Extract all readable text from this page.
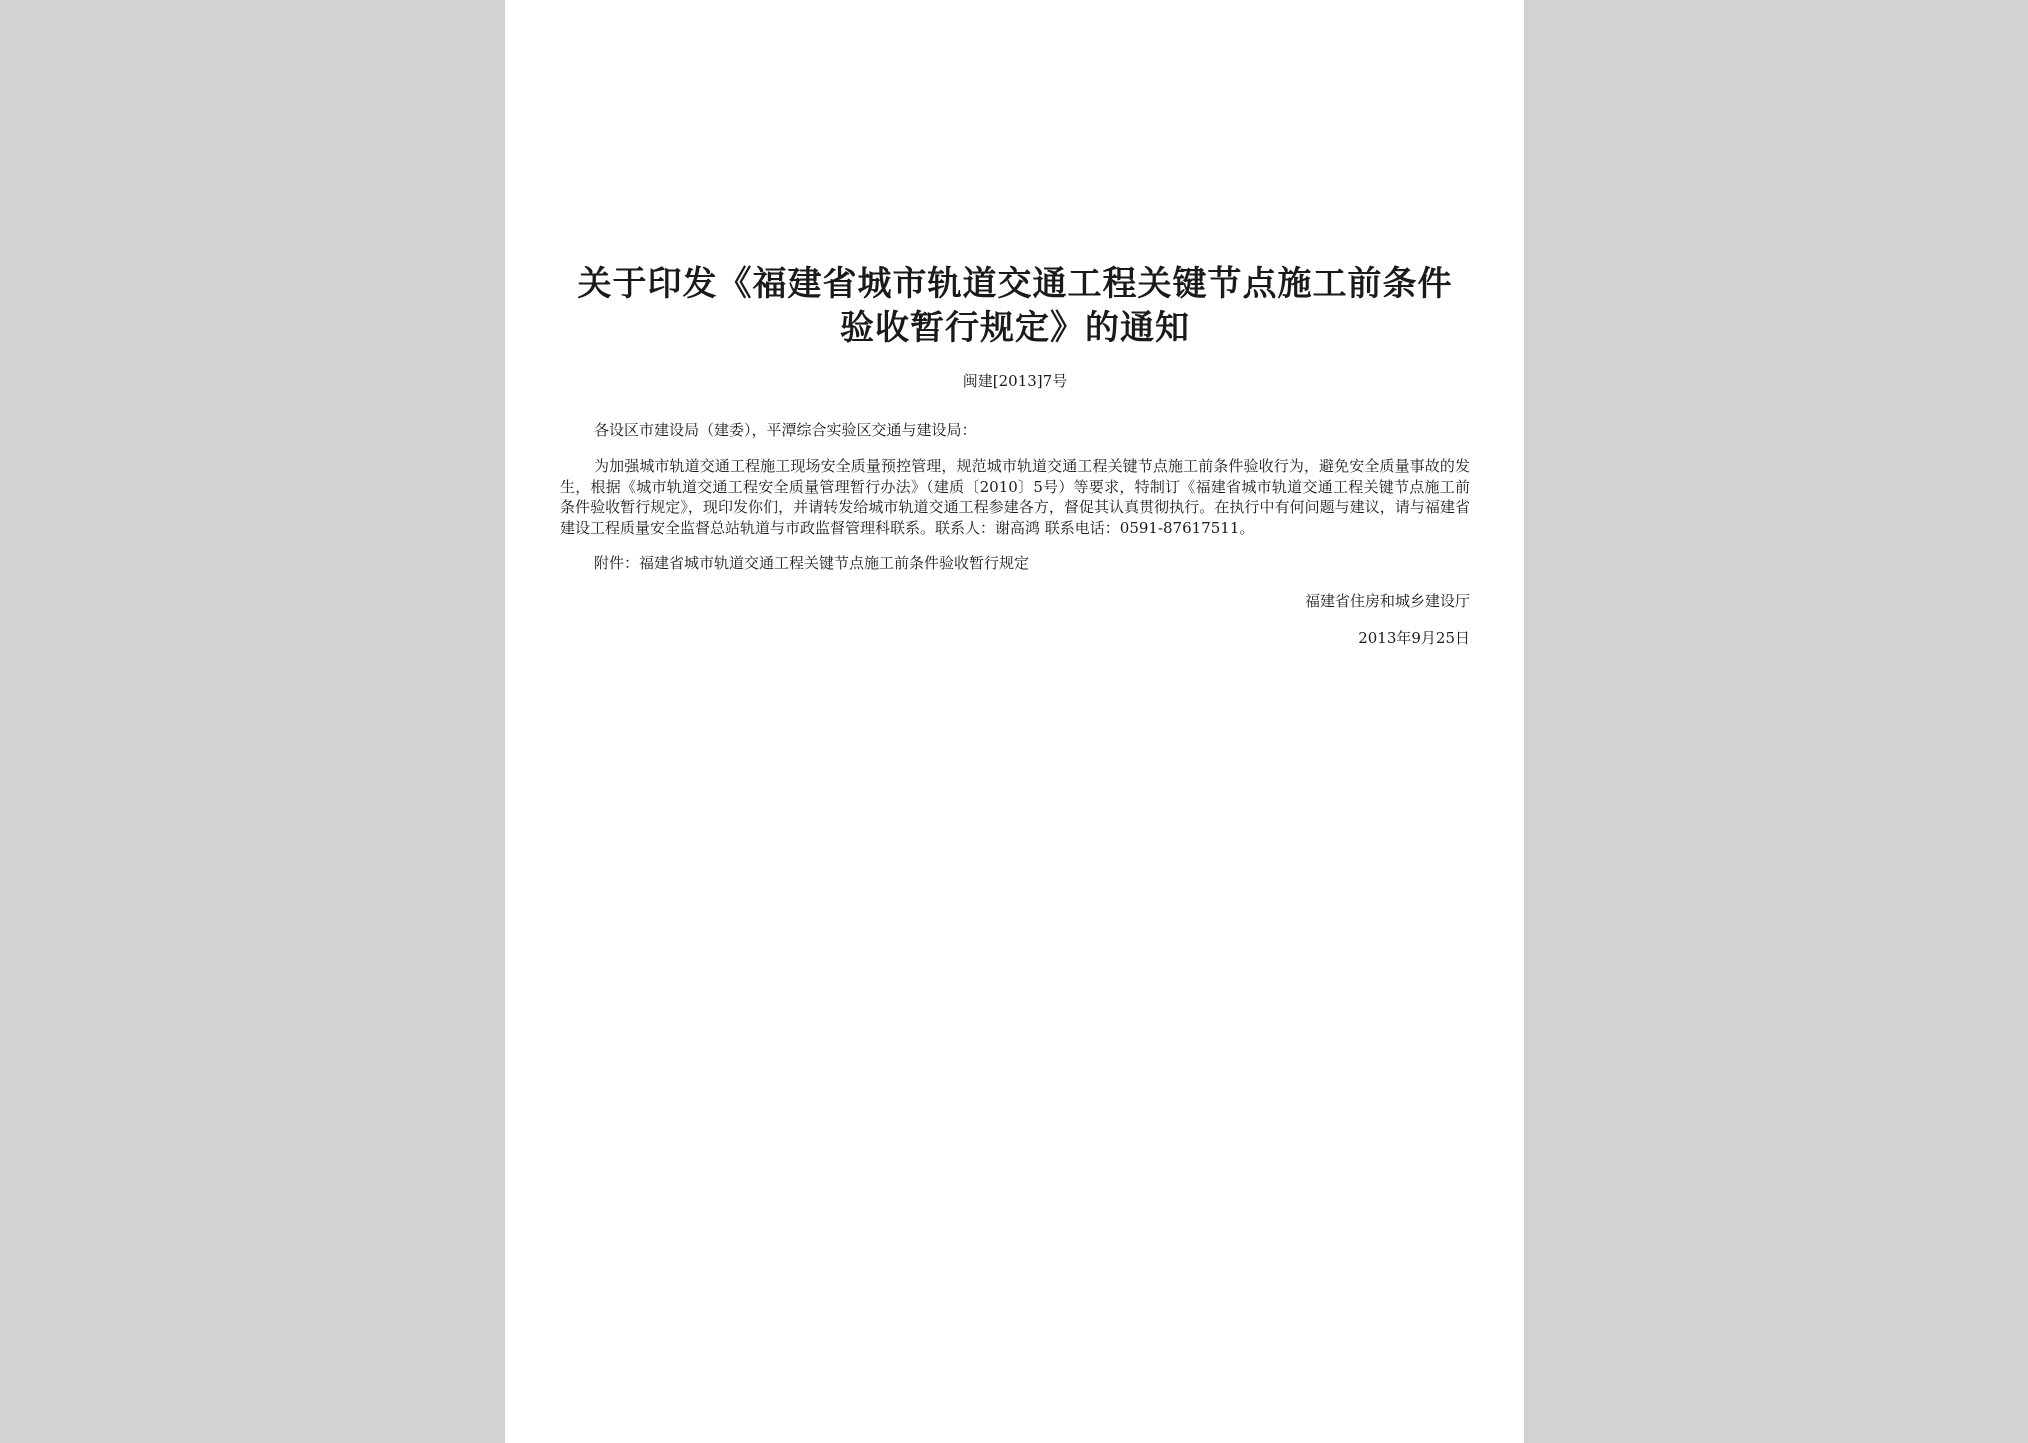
关于印发《福建省城市轨道交通工程关键节点施工前条件验收暂行规定》的通知
闽建[2013]7号

各设区市建设局（建委），平潭综合实验区交通与建设局：

为加强城市轨道交通工程施工现场安全质量预控管理，规范城市轨道交通工程关键节点施工前条件验收行为，避免安全质量事故的发生，根据《城市轨道交通工程安全质量管理暂行办法》（建质〔2010〕5号）等要求，特制订《福建省城市轨道交通工程关键节点施工前条件验收暂行规定》，现印发你们，并请转发给城市轨道交通工程参建各方，督促其认真贯彻执行。在执行中有何问题与建议，请与福建省建设工程质量安全监督总站轨道与市政监督管理科联系。联系人：谢高鸿 联系电话：0591-87617511。

附件：福建省城市轨道交通工程关键节点施工前条件验收暂行规定

福建省住房和城乡建设厅
2013年9月25日
